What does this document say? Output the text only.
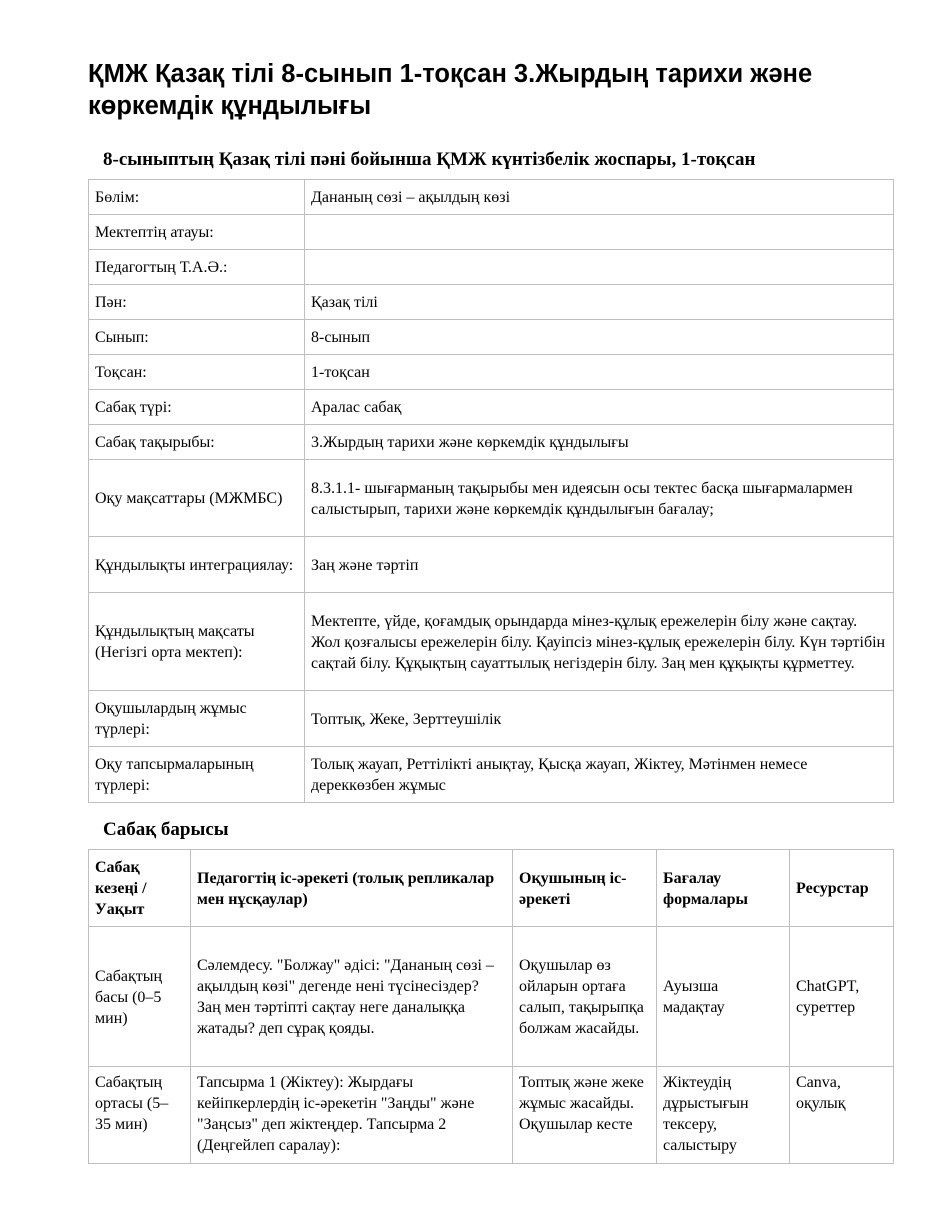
ҚМЖ Қазақ тілі 8-сынып 1-тоқсан 3.Жырдың тарихи және көркемдік құндылығы
8-сыныптың Қазақ тілі пәні бойынша ҚМЖ күнтізбелік жоспары, 1-тоқсан
Бөлім:	Дананың сөзі – ақылдың көзі
Мектептің атауы:	
Педагогтың Т.А.Ә.:	
Пән:	Қазақ тілі
Сынып:	8-сынып
Тоқсан:	1-тоқсан
Сабақ түрі:	Аралас сабақ
Сабақ тақырыбы:	3.Жырдың тарихи және көркемдік құндылығы
Оқу мақсаттары (МЖМБС)	8.3.1.1- шығарманың тақырыбы мен идеясын осы тектес басқа шығармалармен салыстырып, тарихи және көркемдік құндылығын бағалау;
Құндылықты интеграциялау:	Заң және тәртіп
Құндылықтың мақсаты (Негізгі орта мектеп):	Мектепте, үйде, қоғамдық орындарда мінез-құлық ережелерін білу және сақтау. Жол қозғалысы ережелерін білу. Қауіпсіз мінез-құлық ережелерін білу. Күн тәртібін сақтай білу. Құқықтың сауаттылық негіздерін білу. Заң мен құқықты құрметтеу.
Оқушылардың жұмыс түрлері:	Топтық, Жеке, Зерттеушілік
Оқу тапсырмаларының түрлері:	Толық жауап, Реттілікті анықтау, Қысқа жауап, Жіктеу, Мәтінмен немесе дереккөзбен жұмыс
Сабақ барысы
Сабақ кезеңі / Уақыт	Педагогтің іс-әрекеті (толық репликалар мен нұсқаулар)	Оқушының іс-әрекеті	Бағалау формалары	Ресурстар
Сабақтың басы (0–5 мин)	Сәлемдесу. "Болжау" әдісі: "Дананың сөзі – ақылдың көзі" дегенде нені түсінесіздер? Заң мен тәртіпті сақтау неге даналыққа жатады? деп сұрақ қояды.	Оқушылар өз ойларын ортаға салып, тақырыпқа болжам жасайды.	Ауызша мадақтау	ChatGPT, суреттер
Сабақтың ортасы (5–35 мин)	Тапсырма 1 (Жіктеу): Жырдағы кейіпкерлердің іс-әрекетін "Заңды" және "Заңсыз" деп жіктеңдер. Тапсырма 2 (Деңгейлеп саралау):	Топтық және жеке жұмыс жасайды. Оқушылар кесте	Жіктеудің дұрыстығын тексеру, салыстыру	Canva, оқулық
